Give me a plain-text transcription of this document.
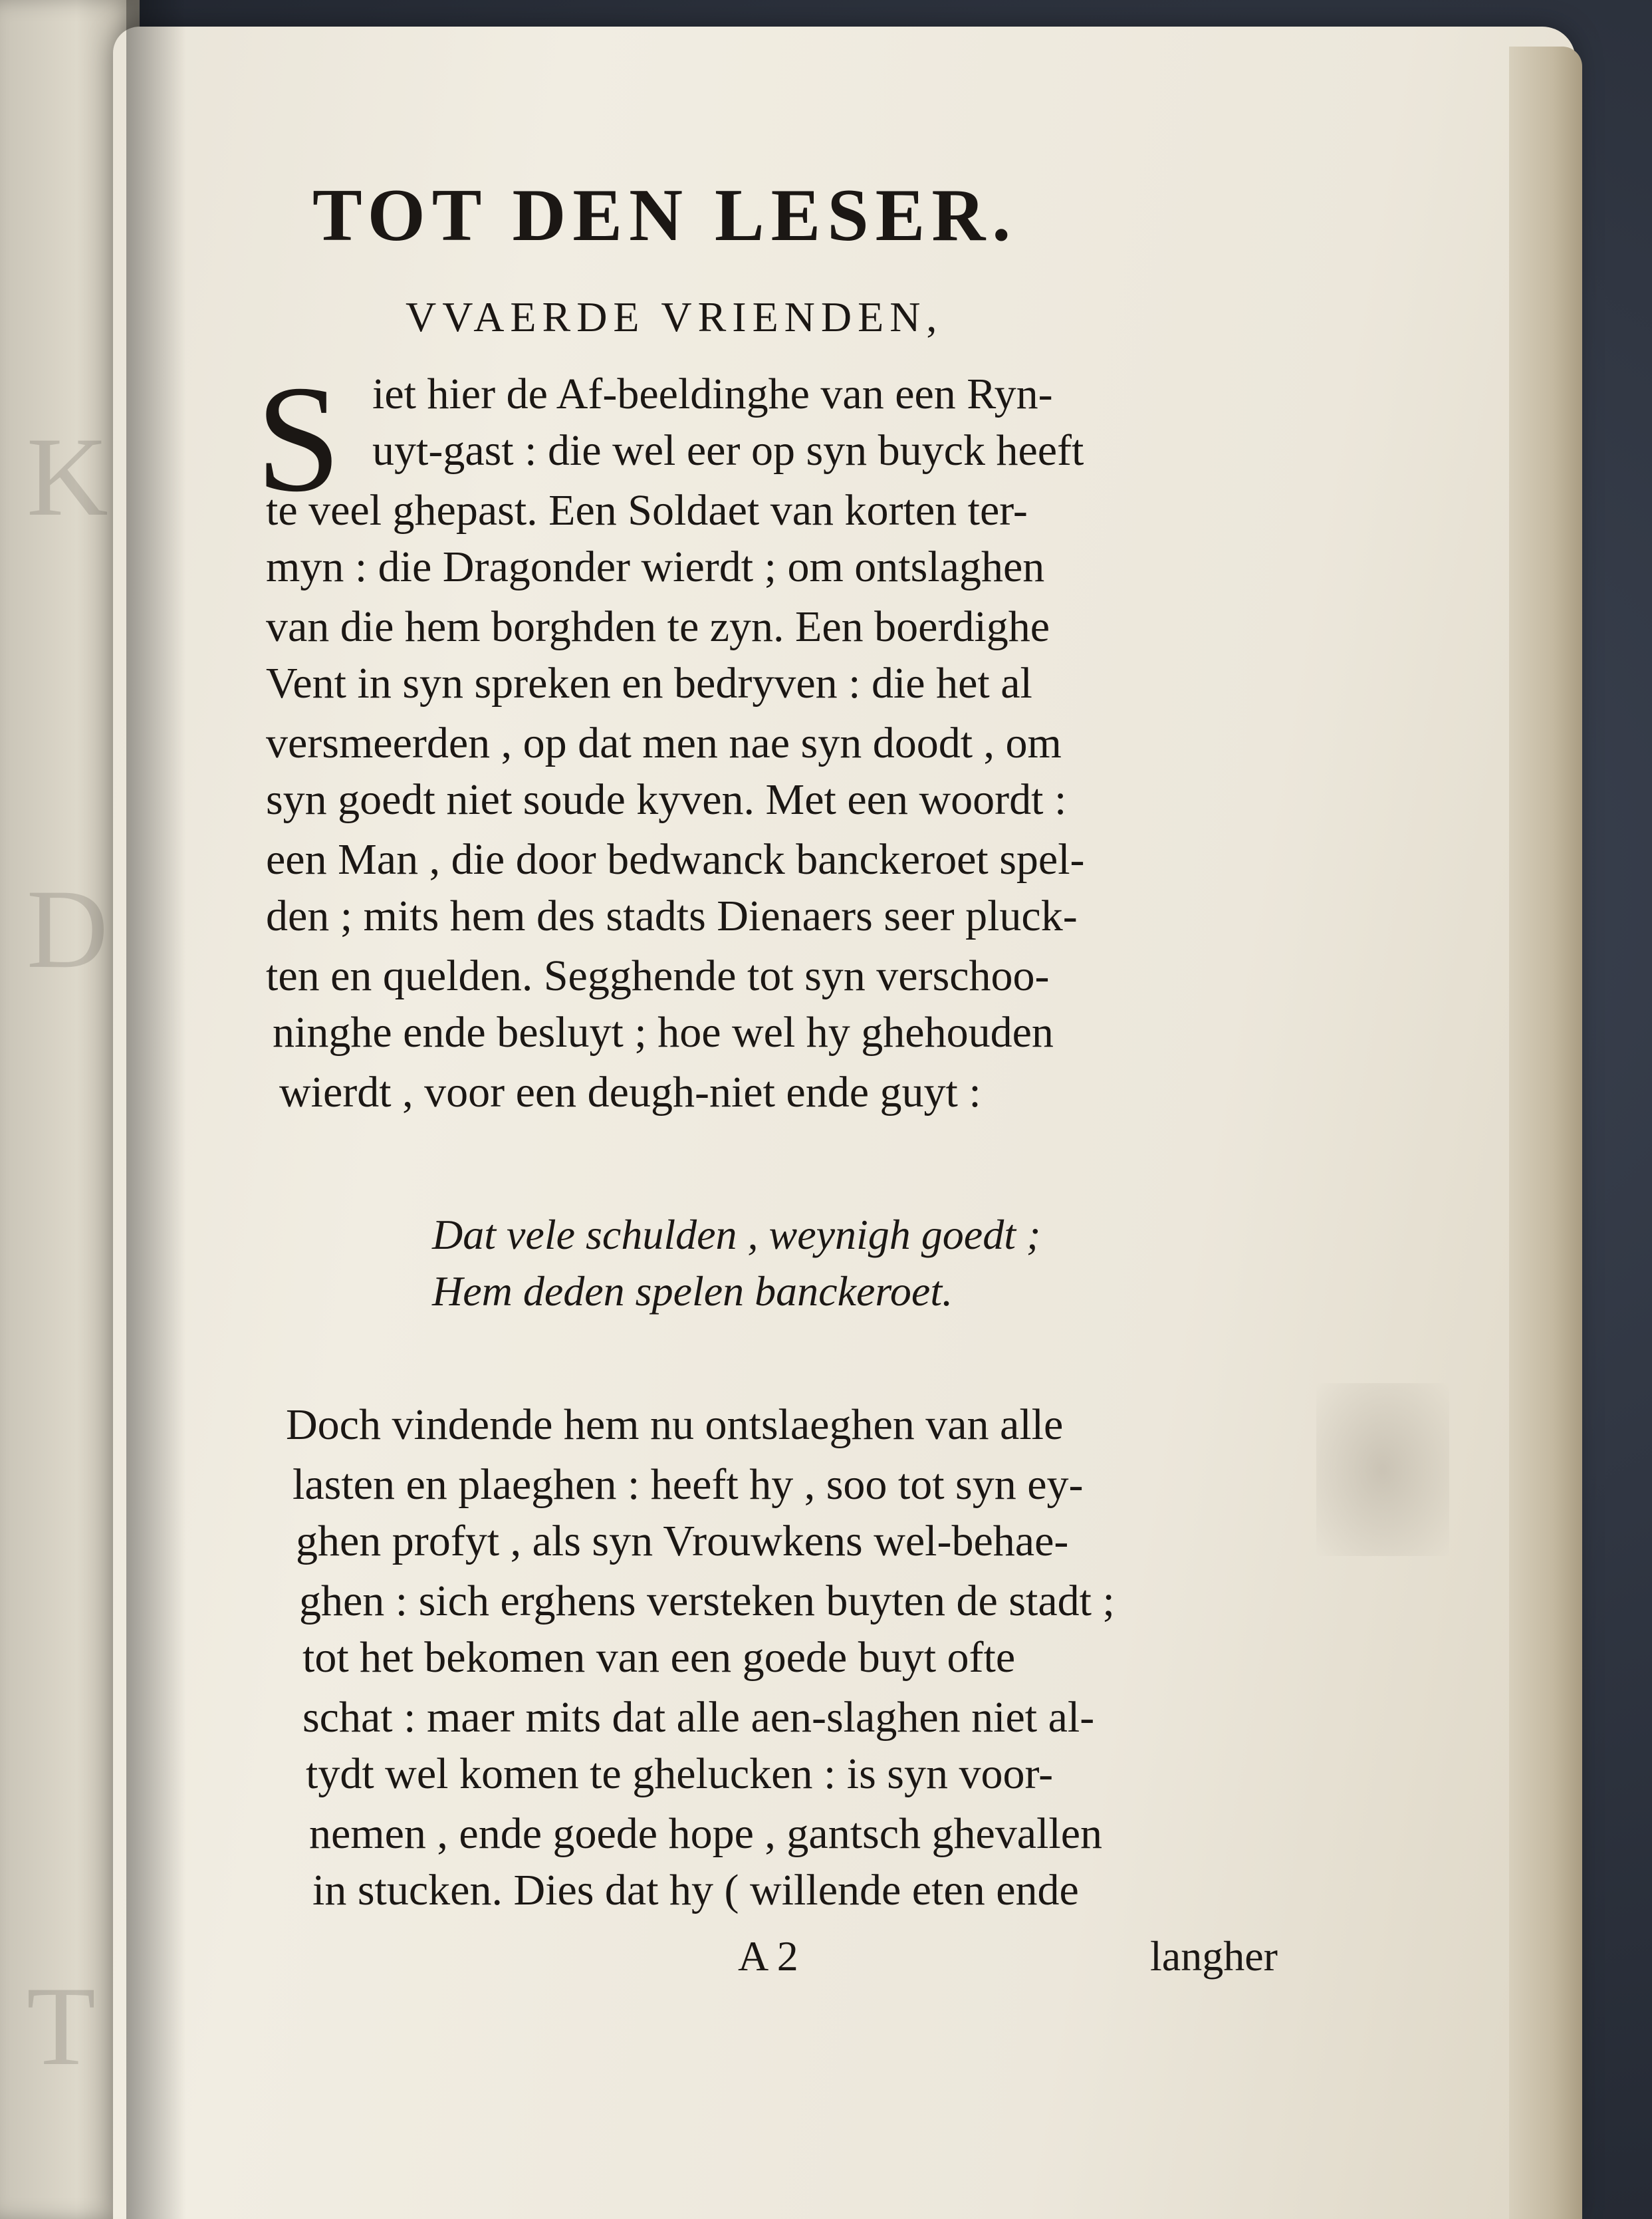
K
D
T
TOT DEN LESER.
VVAERDE VRIENDEN,
S iet hier de Af-beeldinghe van een Ryn-
uyt-gast : die wel eer op syn buyck heeft
te veel ghepast. Een Soldaet van korten ter-
myn : die Dragonder wierdt ; om ontslaghen
van die hem borghden te zyn. Een boerdighe
Vent in syn spreken en bedryven : die het al
versmeerden , op dat men nae syn doodt , om
syn goedt niet soude kyven. Met een woordt :
een Man , die door bedwanck banckeroet spel-
den ; mits hem des stadts Dienaers seer pluck-
ten en quelden. Segghende tot syn verschoo-
ninghe ende besluyt ; hoe wel hy ghehouden
wierdt , voor een deugh-niet ende guyt :
Dat vele schulden , weynigh goedt ;
Hem deden spelen banckeroet.
Doch vindende hem nu ontslaeghen van alle
lasten en plaeghen : heeft hy , soo tot syn ey-
ghen profyt , als syn Vrouwkens wel-behae-
ghen : sich erghens versteken buyten de stadt ;
tot het bekomen van een goede buyt ofte
schat : maer mits dat alle aen-slaghen niet al-
tydt wel komen te ghelucken : is syn voor-
nemen , ende goede hope , gantsch ghevallen
in stucken. Dies dat hy ( willende eten ende
A 2	langher
